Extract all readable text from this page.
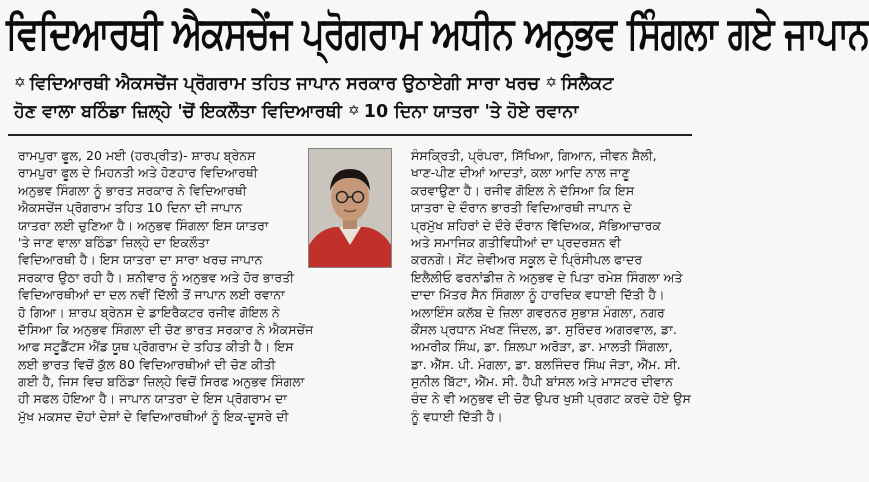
ਵਿਦਿਆਰਥੀ ਐਕਸਚੇਂਜ ਪ੍ਰੋਗਰਾਮ ਅਧੀਨ ਅਨੁਭਵ ਸਿੰਗਲਾ ਗਏ ਜਾਪਾਨ
✡ ਵਿਦਿਆਰਥੀ ਐਕਸਚੇਂਜ ਪ੍ਰੋਗਰਾਮ ਤਹਿਤ ਜਾਪਾਨ ਸਰਕਾਰ ਉਠਾਏਗੀ ਸਾਰਾ ਖਰਚ ✡ ਸਿਲੈਕਟ
ਹੋਣ ਵਾਲਾ ਬਠਿੰਡਾ ਜ਼ਿਲ੍ਹੇ 'ਚੋਂ ਇਕਲੌਤਾ ਵਿਦਿਆਰਥੀ ✡ 10 ਦਿਨਾ ਯਾਤਰਾ 'ਤੇ ਹੋਏ ਰਵਾਨਾ
ਰਾਮਪੁਰਾ ਫੂਲ, 20 ਮਈ (ਹਰਪ੍ਰੀਤ)- ਸ਼ਾਰਪ ਬ੍ਰੇਨਸ
ਰਾਮਪੁਰਾ ਫੂਲ ਦੇ ਮਿਹਨਤੀ ਅਤੇ ਹੋਣਹਾਰ ਵਿਦਿਆਰਥੀ
ਅਨੁਭਵ ਸਿੰਗਲਾ ਨੂੰ ਭਾਰਤ ਸਰਕਾਰ ਨੇ ਵਿਦਿਆਰਥੀ
ਐਕਸਚੇਂਜ ਪ੍ਰੋਗਰਾਮ ਤਹਿਤ 10 ਦਿਨਾ ਦੀ ਜਾਪਾਨ
ਯਾਤਰਾ ਲਈ ਚੁਣਿਆ ਹੈ। ਅਨੁਭਵ ਸਿੰਗਲਾ ਇਸ ਯਾਤਰਾ
'ਤੇ ਜਾਣ ਵਾਲਾ ਬਠਿੰਡਾ ਜ਼ਿਲ੍ਹੇ ਦਾ ਇਕਲੌਤਾ
ਵਿਦਿਆਰਥੀ ਹੈ। ਇਸ ਯਾਤਰਾ ਦਾ ਸਾਰਾ ਖਰਚ ਜਾਪਾਨ
ਸਰਕਾਰ ਉਠਾ ਰਹੀ ਹੈ। ਸ਼ਨੀਵਾਰ ਨੂੰ ਅਨੁਭਵ ਅਤੇ ਹੋਰ ਭਾਰਤੀ
ਵਿਦਿਆਰਥੀਆਂ ਦਾ ਦਲ ਨਵੀਂ ਦਿੱਲੀ ਤੋਂ ਜਾਪਾਨ ਲਈ ਰਵਾਨਾ
ਹੋ ਗਿਆ। ਸ਼ਾਰਪ ਬ੍ਰੇਨਸ ਦੇ ਡਾਇਰੈਕਟਰ ਰਜੀਵ ਗੋਇਲ ਨੇ
ਦੱਸਿਆ ਕਿ ਅਨੁਭਵ ਸਿੰਗਲਾ ਦੀ ਚੋਣ ਭਾਰਤ ਸਰਕਾਰ ਨੇ ਐਕਸਚੇਂਜ
ਆਫ ਸਟੂਡੈਂਟਸ ਐਂਡ ਯੂਥ ਪ੍ਰੋਗਰਾਮ ਦੇ ਤਹਿਤ ਕੀਤੀ ਹੈ। ਇਸ
ਲਈ ਭਾਰਤ ਵਿਚੋਂ ਕੁੱਲ 80 ਵਿਦਿਆਰਥੀਆਂ ਦੀ ਚੋਣ ਕੀਤੀ
ਗਈ ਹੈ, ਜਿਸ ਵਿਚ ਬਠਿੰਡਾ ਜ਼ਿਲ੍ਹੇ ਵਿਚੋਂ ਸਿਰਫ ਅਨੁਭਵ ਸਿੰਗਲਾ
ਹੀ ਸਫਲ ਹੋਇਆ ਹੈ। ਜਾਪਾਨ ਯਾਤਰਾ ਦੇ ਇਸ ਪ੍ਰੋਗਰਾਮ ਦਾ
ਮੁੱਖ ਮਕਸਦ ਦੋਹਾਂ ਦੇਸ਼ਾਂ ਦੇ ਵਿਦਿਆਰਥੀਆਂ ਨੂੰ ਇਕ-ਦੂਸਰੇ ਦੀ
ਸੰਸਕ੍ਰਿਤੀ, ਪ੍ਰੰਪਰਾ, ਸਿੱਖਿਆ, ਗਿਆਨ, ਜੀਵਨ ਸ਼ੈਲੀ,
ਖਾਣ-ਪੀਣ ਦੀਆਂ ਆਦਤਾਂ, ਕਲਾ ਆਦਿ ਨਾਲ ਜਾਣੂ
ਕਰਵਾਉਣਾ ਹੈ। ਰਜੀਵ ਗੋਇਲ ਨੇ ਦੱਸਿਆ ਕਿ ਇਸ
ਯਾਤਰਾ ਦੇ ਦੌਰਾਨ ਭਾਰਤੀ ਵਿਦਿਆਰਥੀ ਜਾਪਾਨ ਦੇ
ਪ੍ਰਮੁੱਖ ਸ਼ਹਿਰਾਂ ਦੇ ਦੌਰੇ ਦੌਰਾਨ ਵਿੱਦਿਅਕ, ਸੱਭਿਆਚਾਰਕ
ਅਤੇ ਸਮਾਜਿਕ ਗਤੀਵਿਧੀਆਂ ਦਾ ਪ੍ਰਦਰਸ਼ਨ ਵੀ
ਕਰਨਗੇ। ਸੇਂਟ ਜ਼ੇਵੀਅਰ ਸਕੂਲ ਦੇ ਪ੍ਰਿੰਸੀਪਲ ਫਾਦਰ
ਇਲੈਲੀਓ ਫਰਨਾਂਡੀਜ਼ ਨੇ ਅਨੁਭਵ ਦੇ ਪਿਤਾ ਰਮੇਸ਼ ਸਿੰਗਲਾ ਅਤੇ
ਦਾਦਾ ਮਿੱਤਰ ਸੈਨ ਸਿੰਗਲਾ ਨੂੰ ਹਾਰਦਿਕ ਵਧਾਈ ਦਿੱਤੀ ਹੈ।
ਅਲਾਇੰਸ ਕਲੱਬ ਦੇ ਜ਼ਿਲਾ ਗਵਰਨਰ ਸੁਭਾਸ਼ ਮੰਗਲਾ, ਨਗਰ
ਕੌਂਸਲ ਪ੍ਰਧਾਨ ਮੱਖਣ ਜਿੰਦਲ, ਡਾ. ਸੁਰਿੰਦਰ ਅਗਰਵਾਲ, ਡਾ.
ਅਮਰੀਕ ਸਿੰਘ, ਡਾ. ਸ਼ਿਲਪਾ ਅਰੋੜਾ, ਡਾ. ਮਾਲਤੀ ਸਿੰਗਲਾ,
ਡਾ. ਐੱਸ. ਪੀ. ਮੰਗਲਾ, ਡਾ. ਬਲਜਿੰਦਰ ਸਿੰਘ ਜੋੜਾ, ਐੱਮ. ਸੀ.
ਸੁਨੀਲ ਬਿੱਟਾ, ਐੱਮ. ਸੀ. ਹੈਪੀ ਬਾਂਸਲ ਅਤੇ ਮਾਸਟਰ ਦੀਵਾਨ
ਚੰਦ ਨੇ ਵੀ ਅਨੁਭਵ ਦੀ ਚੋਣ ਉਪਰ ਖੁਸ਼ੀ ਪ੍ਰਗਟ ਕਰਦੇ ਹੋਏ ਉਸ
ਨੂੰ ਵਧਾਈ ਦਿੱਤੀ ਹੈ।
